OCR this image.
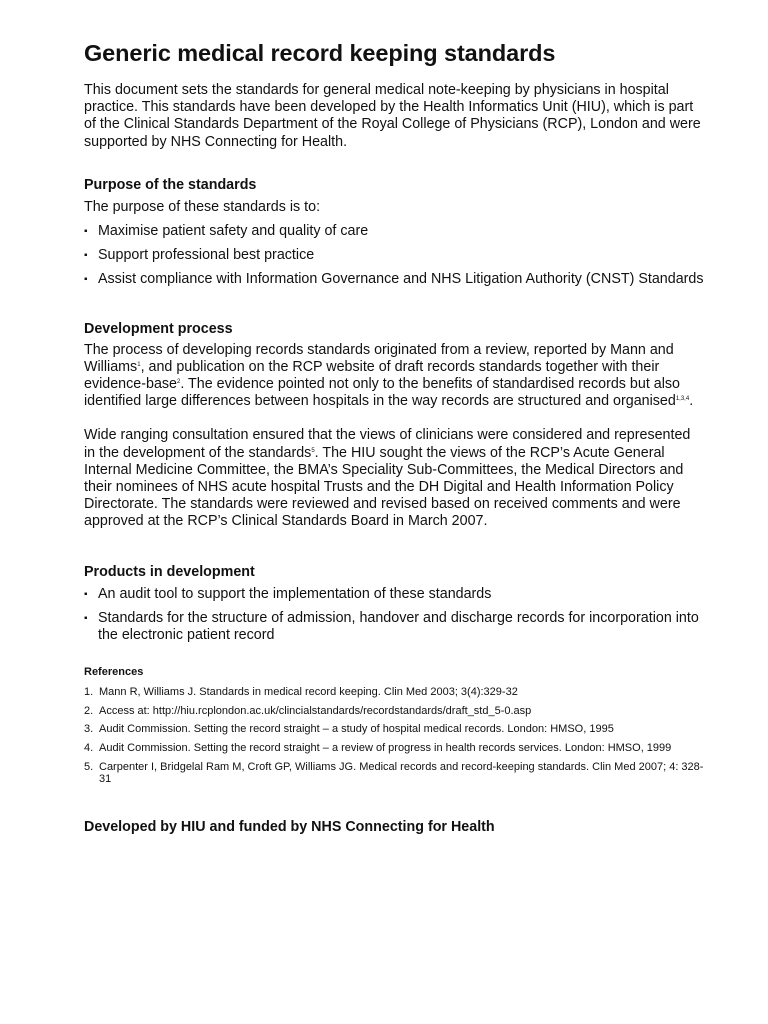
Generic medical record keeping standards

This document sets the standards for general medical note-keeping by physicians in hospital practice. This standards have been developed by the Health Informatics Unit (HIU), which is part of the Clinical Standards Department of the Royal College of Physicians (RCP), London and were supported by NHS Connecting for Health.

Purpose of the standards

The purpose of these standards is to:

▪ Maximise patient safety and quality of care
▪ Support professional best practice
▪ Assist compliance with Information Governance and NHS Litigation Authority (CNST) Standards
Development process

The process of developing records standards originated from a review, reported by Mann and Williams$^1$, and publication on the RCP website of draft records standards together with their evidence-base$^2$. The evidence pointed not only to the benefits of standardised records but also identified large differences between hospitals in the way records are structured and organised$^{1,3,4}$.

Wide ranging consultation ensured that the views of clinicians were considered and represented in the development of the standards$^5$. The HIU sought the views of the RCP’s Acute General Internal Medicine Committee, the BMA’s Speciality Sub-Committees, the Medical Directors and their nominees of NHS acute hospital Trusts and the DH Digital and Health Information Policy Directorate. The standards were reviewed and revised based on received comments and were approved at the RCP’s Clinical Standards Board in March 2007.

Products in development
▪ An audit tool to support the implementation of these standards
▪ Standards for the structure of admission, handover and discharge records for incorporation into the electronic patient record
References
1. Mann R, Williams J. Standards in medical record keeping. Clin Med 2003; 3(4):329-32
2. Access at: http://hiu.rcplondon.ac.uk/clincialstandards/recordstandards/draft_std_5-0.asp
3. Audit Commission. Setting the record straight – a study of hospital medical records. London: HMSO, 1995
4. Audit Commission. Setting the record straight – a review of progress in health records services. London: HMSO, 1999
5. Carpenter I, Bridgelal Ram M, Croft GP, Williams JG. Medical records and record-keeping standards. Clin Med 2007; 4: 328-31

Developed by HIU and funded by NHS Connecting for Health
